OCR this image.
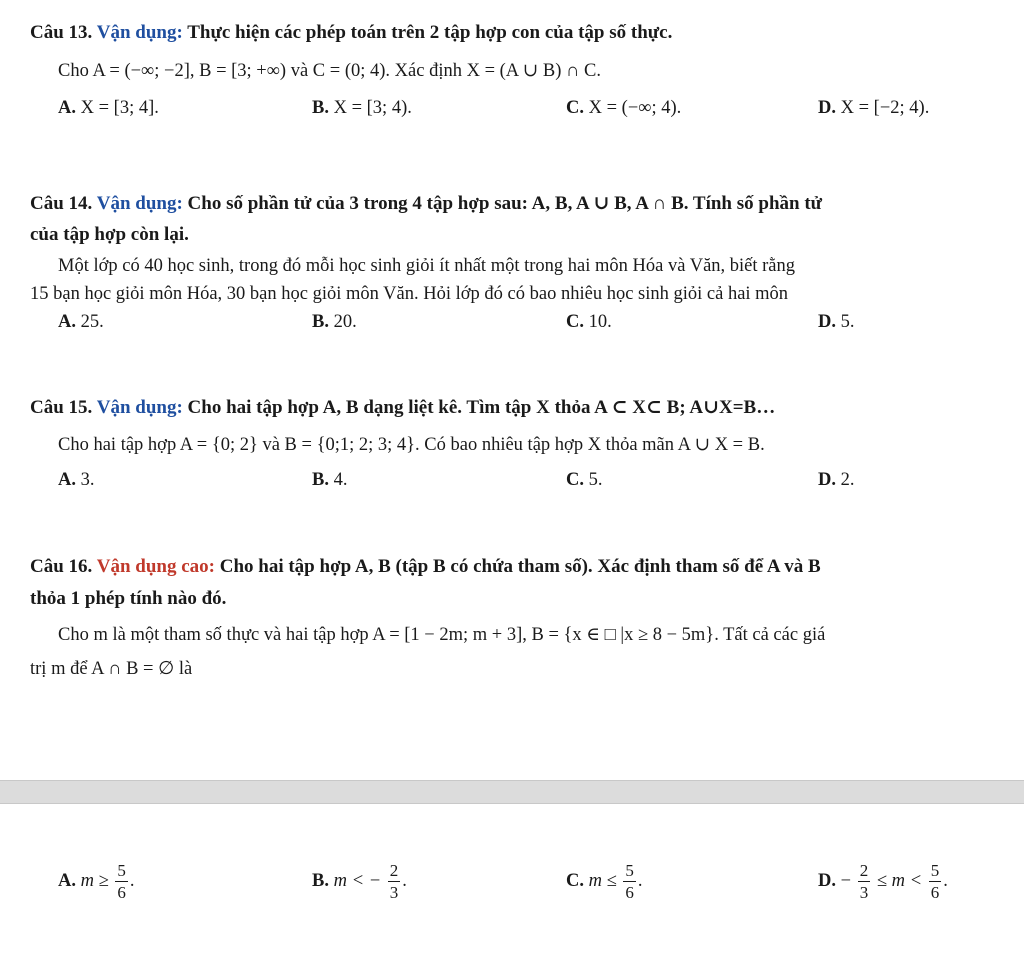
Câu 13. Vận dụng: Thực hiện các phép toán trên 2 tập hợp con của tập số thực.
Cho A = (−∞; −2], B = [3; +∞) và C = (0; 4). Xác định X = (A ∪ B) ∩ C.
A. X = [3; 4].	B. X = [3; 4).	C. X = (−∞; 4).	D. X = [−2; 4).
Câu 14. Vận dụng: Cho số phần tử của 3 trong 4 tập hợp sau: A, B, A ∪ B, A ∩ B. Tính số phần tử
của tập hợp còn lại.
Một lớp có 40 học sinh, trong đó mỗi học sinh giỏi ít nhất một trong hai môn Hóa và Văn, biết rằng
15 bạn học giỏi môn Hóa, 30 bạn học giỏi môn Văn. Hỏi lớp đó có bao nhiêu học sinh giỏi cả hai môn
A. 25.	B. 20.	C. 10.	D. 5.
Câu 15. Vận dụng: Cho hai tập hợp A, B dạng liệt kê. Tìm tập X thỏa A ⊂ X⊂ B; A∪X=B…
Cho hai tập hợp A = {0; 2} và B = {0;1; 2; 3; 4}. Có bao nhiêu tập hợp X thỏa mãn A ∪ X = B.
A. 3.	B. 4.	C. 5.	D. 2.
Câu 16. Vận dụng cao: Cho hai tập hợp A, B (tập B có chứa tham số). Xác định tham số để A và B
thỏa 1 phép tính nào đó.
Cho m là một tham số thực và hai tập hợp A = [1 − 2m; m + 3], B = {x ∈ □ |x ≥ 8 − 5m}. Tất cả các giá
trị m để A ∩ B = ∅ là
A. $m \ge \frac{5}{6}$ .	B. m < − $\frac{2}{3}$ .	C. $m \le \frac{5}{6}$ .	D. − $\frac{2}{3} \le m < \frac{5}{6}$ .
